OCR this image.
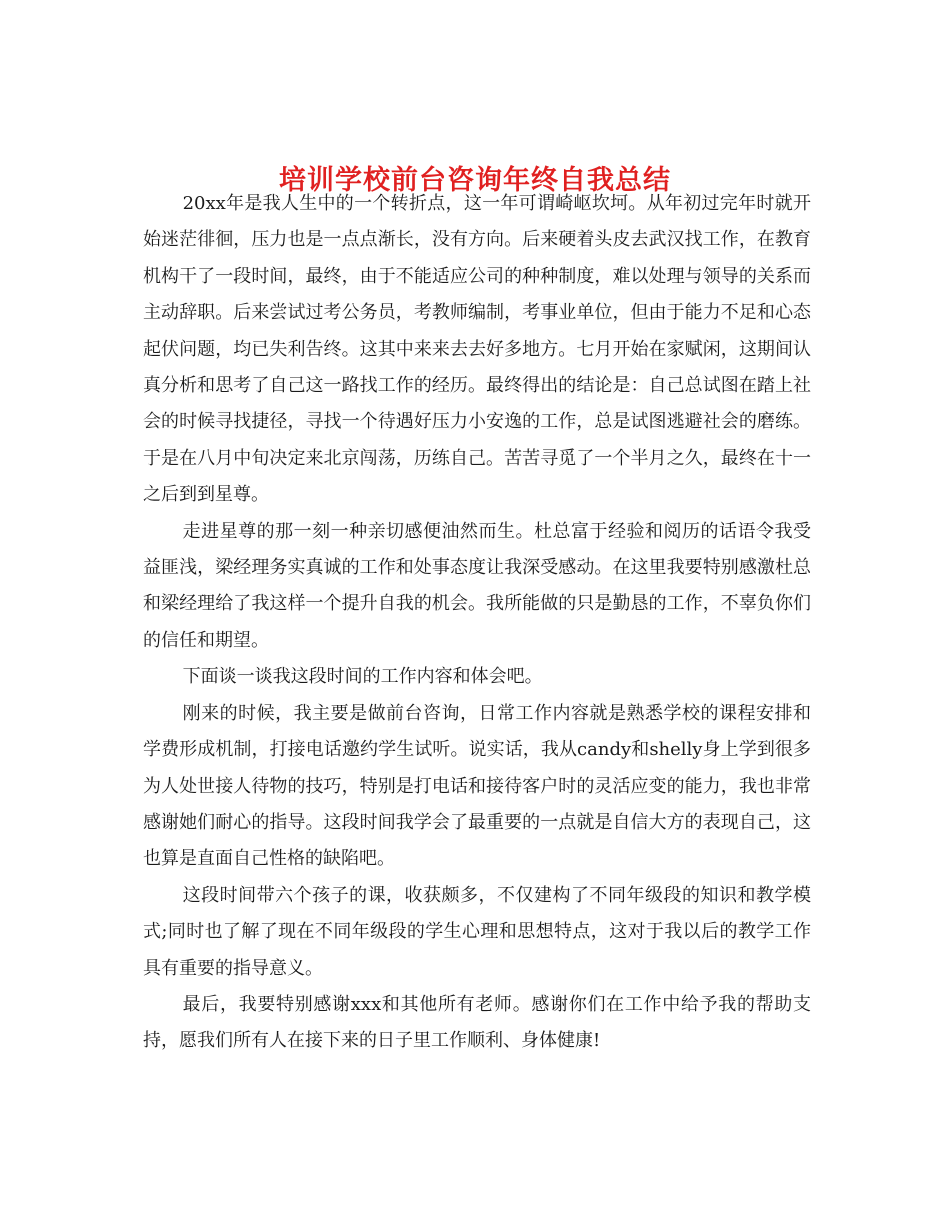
培训学校前台咨询年终自我总结

20xx年是我人生中的一个转折点，这一年可谓崎岖坎坷。从年初过完年时就开始迷茫徘徊，压力也是一点点渐长，没有方向。后来硬着头皮去武汉找工作，在教育机构干了一段时间，最终，由于不能适应公司的种种制度，难以处理与领导的关系而主动辞职。后来尝试过考公务员，考教师编制，考事业单位，但由于能力不足和心态起伏问题，均已失利告终。这其中来来去去好多地方。七月开始在家赋闲，这期间认真分析和思考了自己这一路找工作的经历。最终得出的结论是：自己总试图在踏上社会的时候寻找捷径，寻找一个待遇好压力小安逸的工作，总是试图逃避社会的磨练。于是在八月中旬决定来北京闯荡，历练自己。苦苦寻觅了一个半月之久，最终在十一之后到到星尊。

走进星尊的那一刻一种亲切感便油然而生。杜总富于经验和阅历的话语令我受益匪浅，梁经理务实真诚的工作和处事态度让我深受感动。在这里我要特别感激杜总和梁经理给了我这样一个提升自我的机会。我所能做的只是勤恳的工作，不辜负你们的信任和期望。

下面谈一谈我这段时间的工作内容和体会吧。

刚来的时候，我主要是做前台咨询，日常工作内容就是熟悉学校的课程安排和学费形成机制，打接电话邀约学生试听。说实话，我从candy和shelly身上学到很多为人处世接人待物的技巧，特别是打电话和接待客户时的灵活应变的能力，我也非常感谢她们耐心的指导。这段时间我学会了最重要的一点就是自信大方的表现自己，这也算是直面自己性格的缺陷吧。

这段时间带六个孩子的课，收获颇多，不仅建构了不同年级段的知识和教学模式;同时也了解了现在不同年级段的学生心理和思想特点，这对于我以后的教学工作具有重要的指导意义。

最后，我要特别感谢xxx和其他所有老师。感谢你们在工作中给予我的帮助支持，愿我们所有人在接下来的日子里工作顺利、身体健康!
